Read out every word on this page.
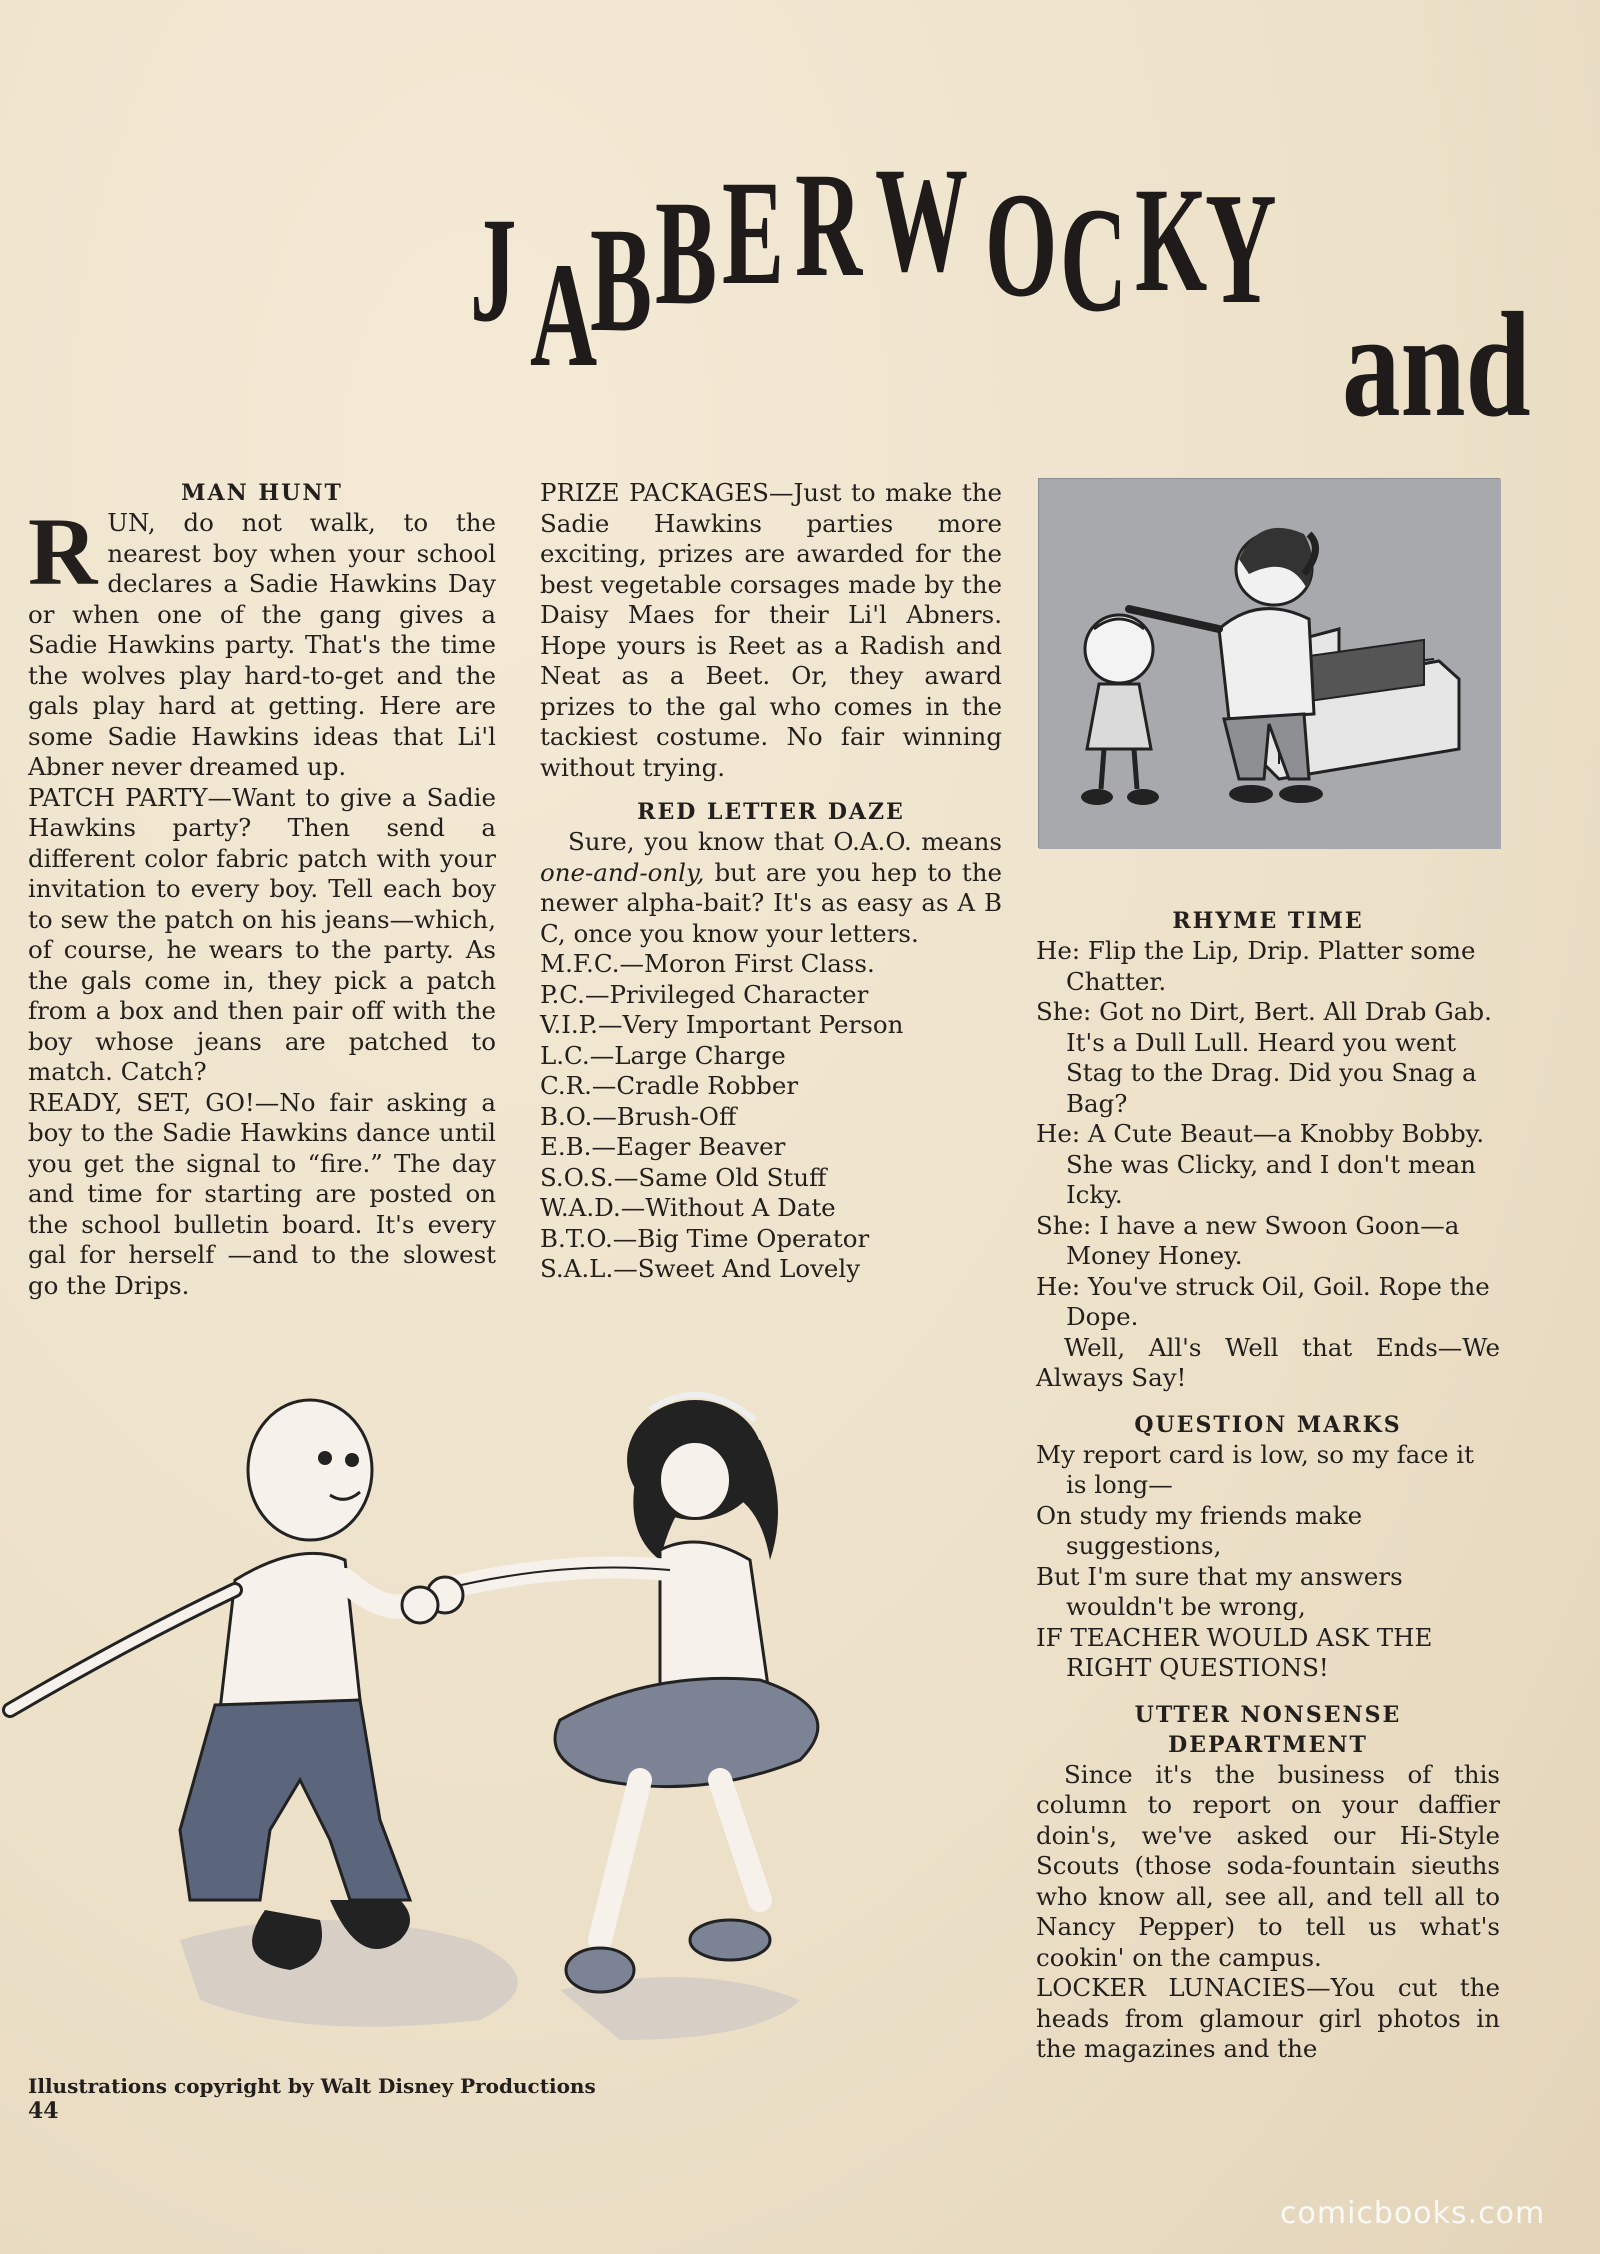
J A
B B E R W O C K
Y
and
MAN HUNT

RUN, do not walk, to the nearest boy when your school declares a Sadie Hawkins Day or when one of the gang gives a Sadie Hawkins party. That's the time the wolves play hard-to-get and the gals play hard at getting. Here are some Sadie Hawkins ideas that Li'l Abner never dreamed up.

PATCH PARTY—Want to give a Sadie Hawkins party? Then send a different color fabric patch with your invitation to every boy. Tell each boy to sew the patch on his jeans—which, of course, he wears to the party. As the gals come in, they pick a patch from a box and then pair off with the boy whose jeans are patched to match. Catch?

READY, SET, GO!—No fair asking a boy to the Sadie Hawkins dance until you get the signal to “fire.” The day and time for starting are posted on the school bulletin board. It's every gal for herself —and to the slowest go the Drips.

PRIZE PACKAGES—Just to make the Sadie Hawkins parties more exciting, prizes are awarded for the best vegetable corsages made by the Daisy Maes for their Li'l Abners. Hope yours is Reet as a Radish and Neat as a Beet. Or, they award prizes to the gal who comes in the tackiest costume. No fair winning without trying.

RED LETTER DAZE

Sure, you know that O.A.O. means one-and-only, but are you hep to the newer alpha-bait? It's as easy as A B C, once you know your letters.

M.F.C.—Moron First Class.

P.C.—Privileged Character

V.I.P.—Very Important Person

L.C.—Large Charge

C.R.—Cradle Robber

B.O.—Brush-Off

E.B.—Eager Beaver

S.O.S.—Same Old Stuff

W.A.D.—Without A Date

B.T.O.—Big Time Operator

S.A.L.—Sweet And Lovely

RHYME TIME

He: Flip the Lip, Drip. Platter some Chatter.

She: Got no Dirt, Bert. All Drab Gab. It's a Dull Lull. Heard you went Stag to the Drag. Did you Snag a Bag?

He: A Cute Beaut—a Knobby Bobby. She was Clicky, and I don't mean Icky.

She: I have a new Swoon Goon—a Money Honey.

He: You've struck Oil, Goil. Rope the Dope.

Well, All's Well that Ends—We Always Say!

QUESTION MARKS

My report card is low, so my face it is long—

On study my friends make suggestions,

But I'm sure that my answers wouldn't be wrong,

IF TEACHER WOULD ASK THE RIGHT QUESTIONS!

UTTER NONSENSE
DEPARTMENT

Since it's the business of this column to report on your daffier doin's, we've asked our Hi-Style Scouts (those soda-fountain sieuths who know all, see all, and tell all to Nancy Pepper) to tell us what's cookin' on the campus.

LOCKER LUNACIES—You cut the heads from glamour girl photos in the magazines and the

Illustrations copyright by Walt Disney Productions
44
comicbooks.com
